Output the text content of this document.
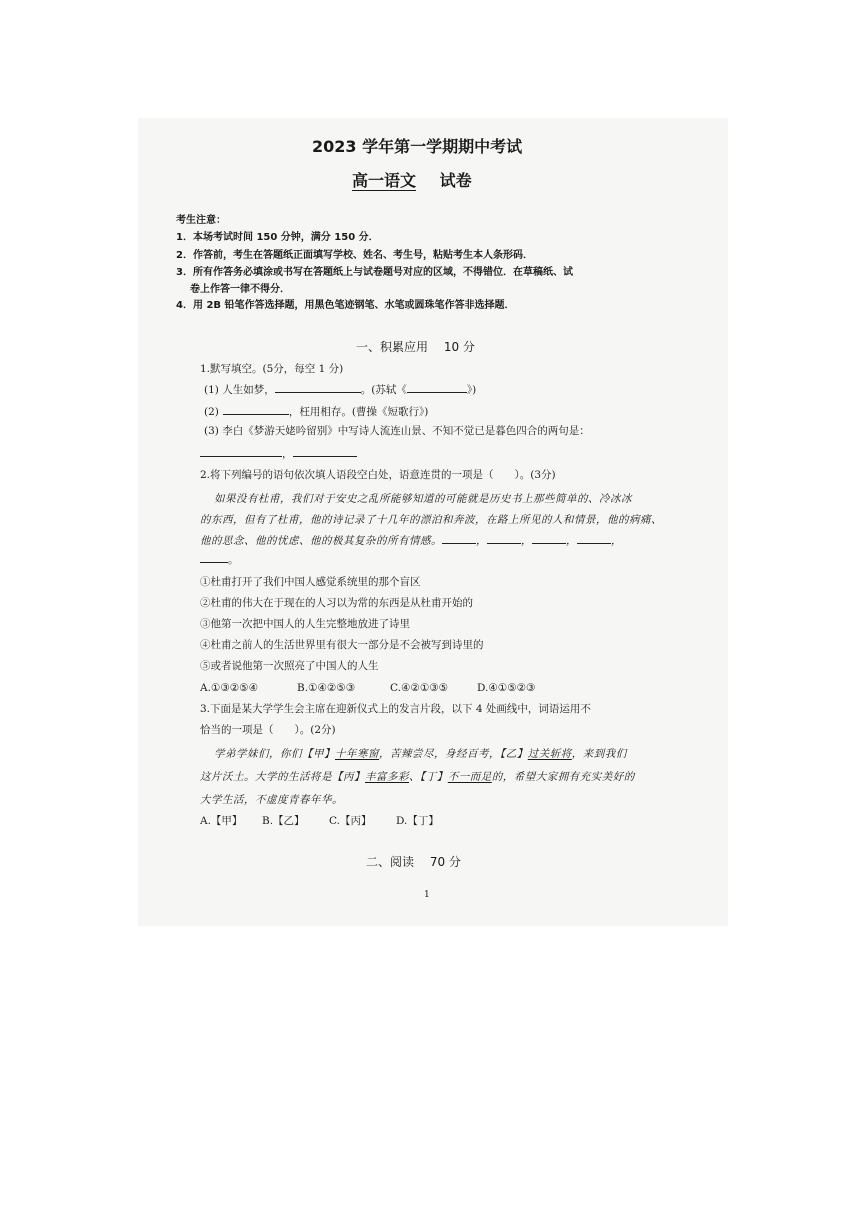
2023 学年第一学期期中考试
高一语文 试卷
考生注意：
1．本场考试时间 150 分钟，满分 150 分．
2．作答前，考生在答题纸正面填写学校、姓名、考生号，粘贴考生本人条形码．
3．所有作答务必填涂或书写在答题纸上与试卷题号对应的区域，不得错位．在草稿纸、试
卷上作答一律不得分．
4．用 2B 铅笔作答选择题，用黑色笔迹钢笔、水笔或圆珠笔作答非选择题．
一、积累应用　 10 分
1.默写填空。(5分，每空 1 分)
(1) 人生如梦，	。(苏轼《	》)
(2)	，枉用相存。(曹操《短歌行》)
(3) 李白《梦游天姥吟留别》中写诗人流连山景、不知不觉已是暮色四合的两句是：
，
2.将下列编号的语句依次填人语段空白处，语意连贯的一项是（　　）。(3分)
如果没有杜甫，我们对于安史之乱所能够知道的可能就是历史书上那些简单的、冷冰冰
的东西，但有了杜甫，他的诗记录了十几年的漂泊和奔波，在路上所见的人和情景，他的病痛、
他的思念、他的忧虑、他的极其复杂的所有情感。	，	，	，	，
。
①杜甫打开了我们中国人感觉系统里的那个盲区
②杜甫的伟大在于现在的人习以为常的东西是从杜甫开始的
③他第一次把中国人的人生完整地放进了诗里
④杜甫之前人的生活世界里有很大一部分是不会被写到诗里的
⑤或者说他第一次照亮了中国人的人生
A.①③②⑤④	B.①④②⑤③	C.④②①③⑤	D.④①⑤②③
3.下面是某大学学生会主席在迎新仪式上的发言片段，以下 4 处画线中，词语运用不
恰当的一项是（　　）。(2分)
学弟学妹们，你们【甲】十年寒窗，苦辣尝尽，身经百考，【乙】过关斩将，来到我们
这片沃土。大学的生活将是【丙】丰富多彩、【丁】不一而足的，希望大家拥有充实美好的
大学生活，不虚度青春年华。
A.【甲】 B.【乙】 C.【丙】 D.【丁】
二、阅读　 70 分
1
